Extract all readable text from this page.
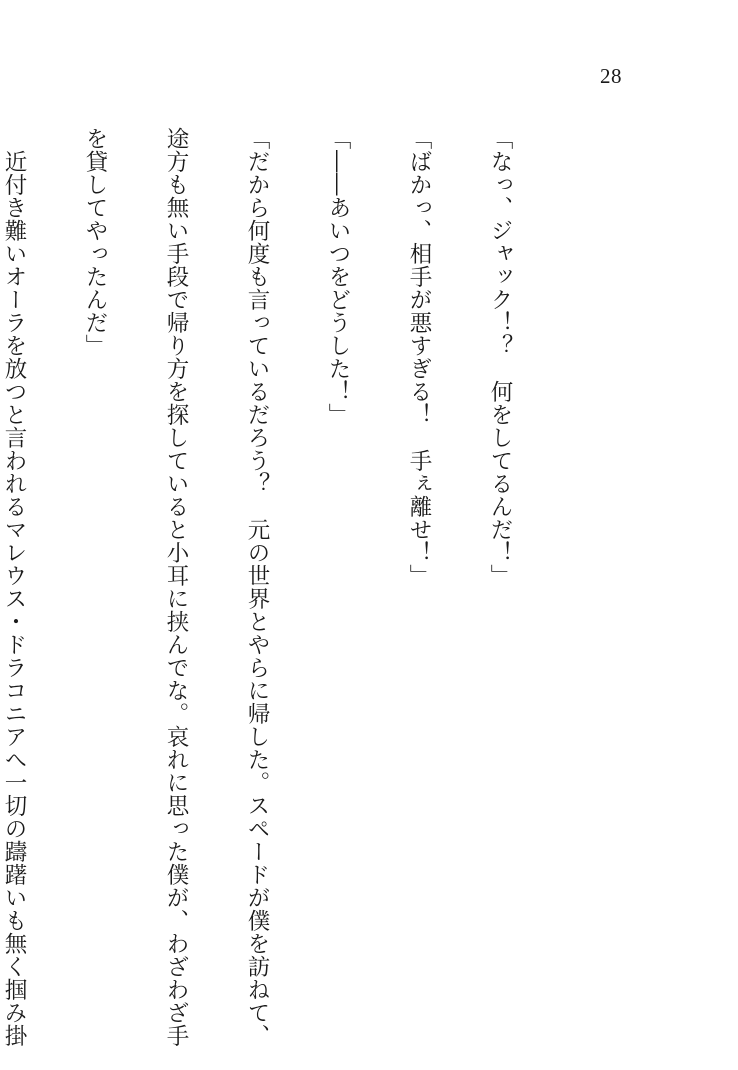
28

「なっ、ジャック！？　何をしてるんだ！」

「ばかっ、相手が悪すぎる！　手ぇ離せ！」

「――あいつをどうした！」

「だから何度も言っているだろう？　元の世界とやらに帰した。スペードが僕を訪ねて、

途方も無い手段で帰り方を探していると小耳に挟んでな。哀れに思った僕が、わざわざ手

を貸してやったんだ」

　近付き難いオーラを放つと言われるマレウス・ドラコニアへ一切の躊躇いも無く掴み掛
